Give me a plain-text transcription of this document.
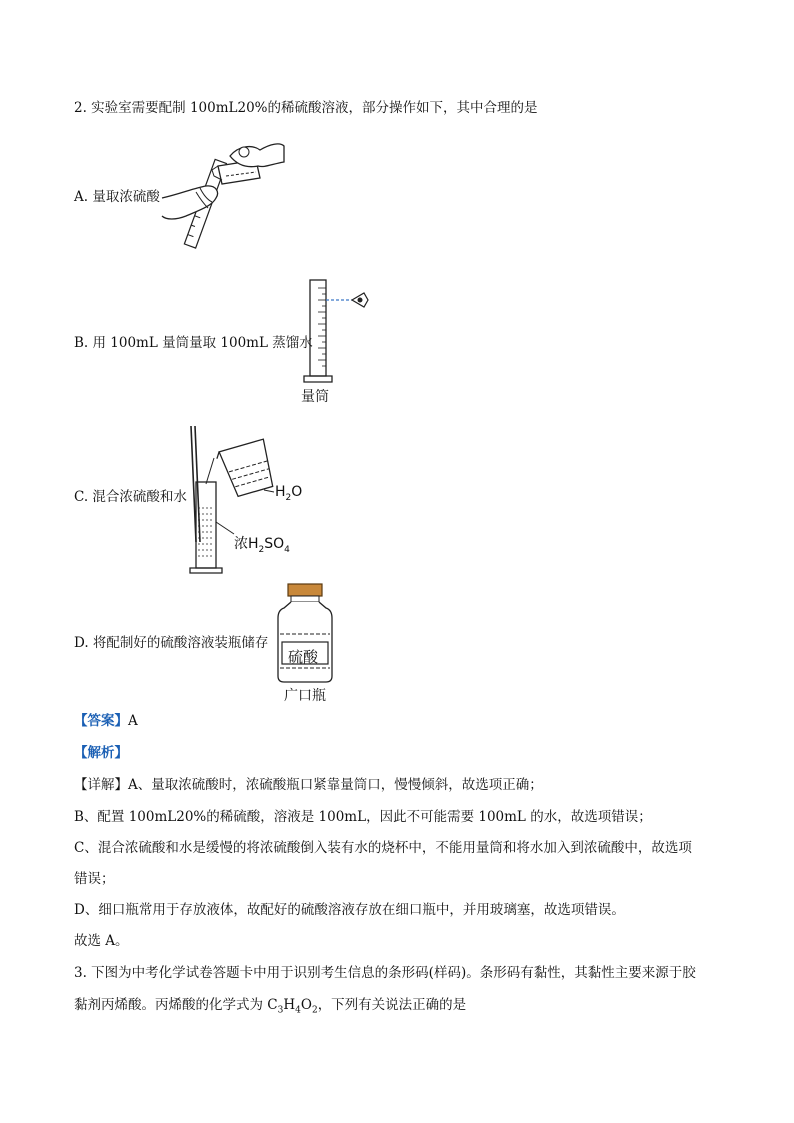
2. 实验室需要配制 100mL20%的稀硫酸溶液，部分操作如下，其中合理的是
A. 量取浓硫酸
B. 用 100mL 量筒量取 100mL 蒸馏水
量筒
C. 混合浓硫酸和水	$H_2O$
浓$H_2SO_4$
D. 将配制好的硫酸溶液装瓶储存
硫酸
广口瓶
【答案】A
【解析】
【详解】A、量取浓硫酸时，浓硫酸瓶口紧靠量筒口，慢慢倾斜，故选项正确；
B、配置 100mL20%的稀硫酸，溶液是 100mL，因此不可能需要 100mL 的水，故选项错误；
C、混合浓硫酸和水是缓慢的将浓硫酸倒入装有水的烧杯中，不能用量筒和将水加入到浓硫酸中，故选项
错误；
D、细口瓶常用于存放液体，故配好的硫酸溶液存放在细口瓶中，并用玻璃塞，故选项错误。
故选 A。
3. 下图为中考化学试卷答题卡中用于识别考生信息的条形码(样码)。条形码有黏性，其黏性主要来源于胶
黏剂丙烯酸。丙烯酸的化学式为 $C_3H_4O_2$，下列有关说法正确的是
